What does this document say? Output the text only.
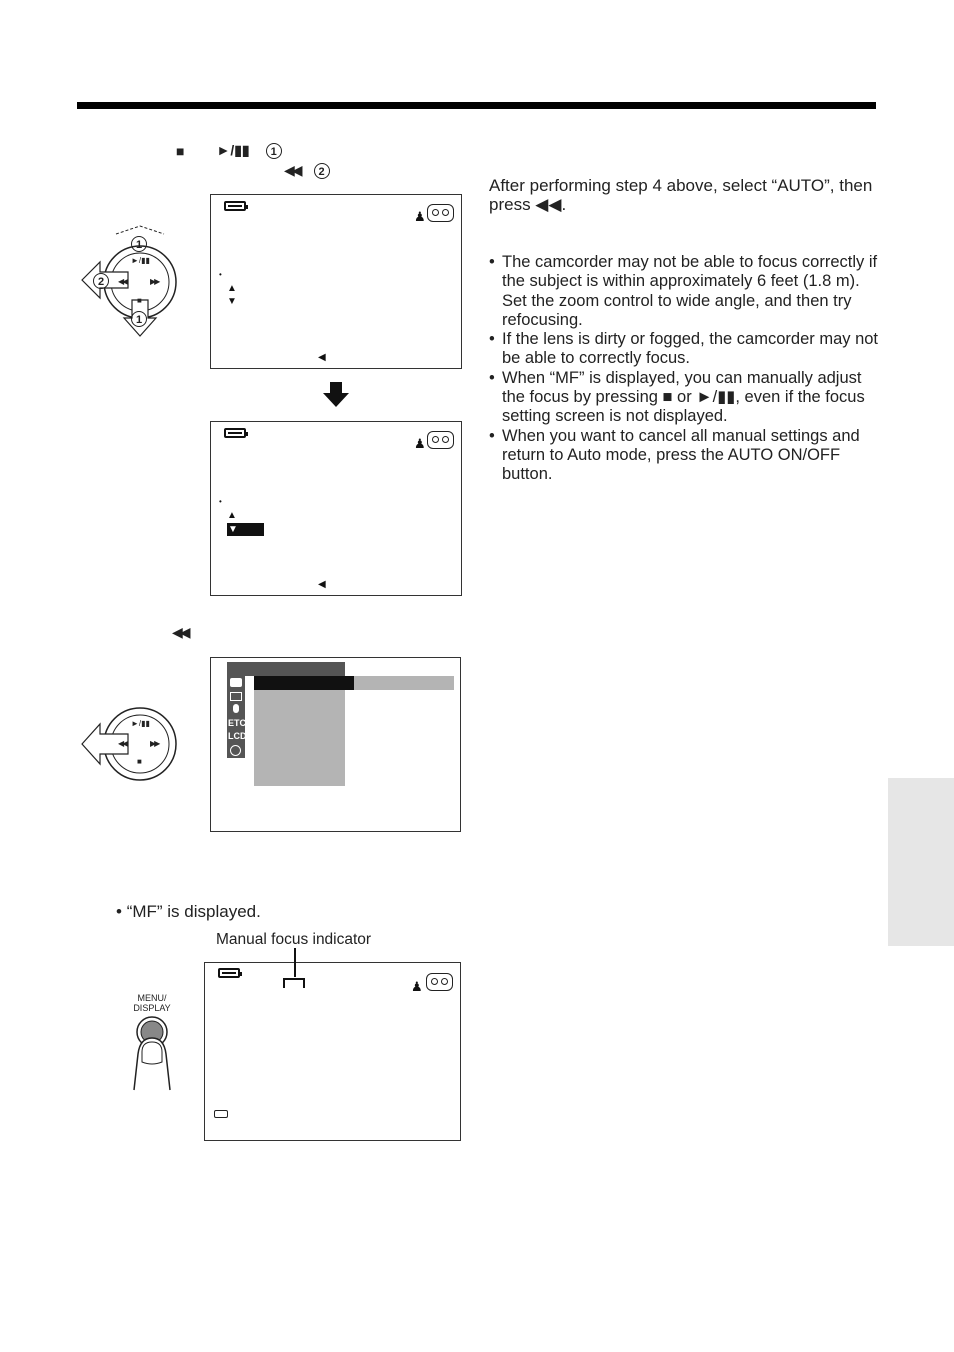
■ ►/▮▮	1
◀◀	2
1
2
1
►/▮▮
◀◀	▶▶
■
♟
•
▲
▼
◀
♟
•
▲
▼
◀
◀◀
►/▮▮
◀◀	▶▶
■
ETC
LCD
• “MF” is displayed.
Manual focus indicator
MENU/
DISPLAY
♟
After performing step 4 above, select “AUTO”, then press ◀◀.
• The camcorder may not be able to focus correctly if the subject is within approximately 6 feet (1.8 m). Set the zoom control to wide angle, and then try refocusing.
• If the lens is dirty or fogged, the camcorder may not be able to correctly focus.
• When “MF” is displayed, you can manually adjust the focus by pressing ■ or ►/▮▮, even if the focus setting screen is not displayed.
• When you want to cancel all manual settings and return to Auto mode, press the AUTO ON/OFF button.
